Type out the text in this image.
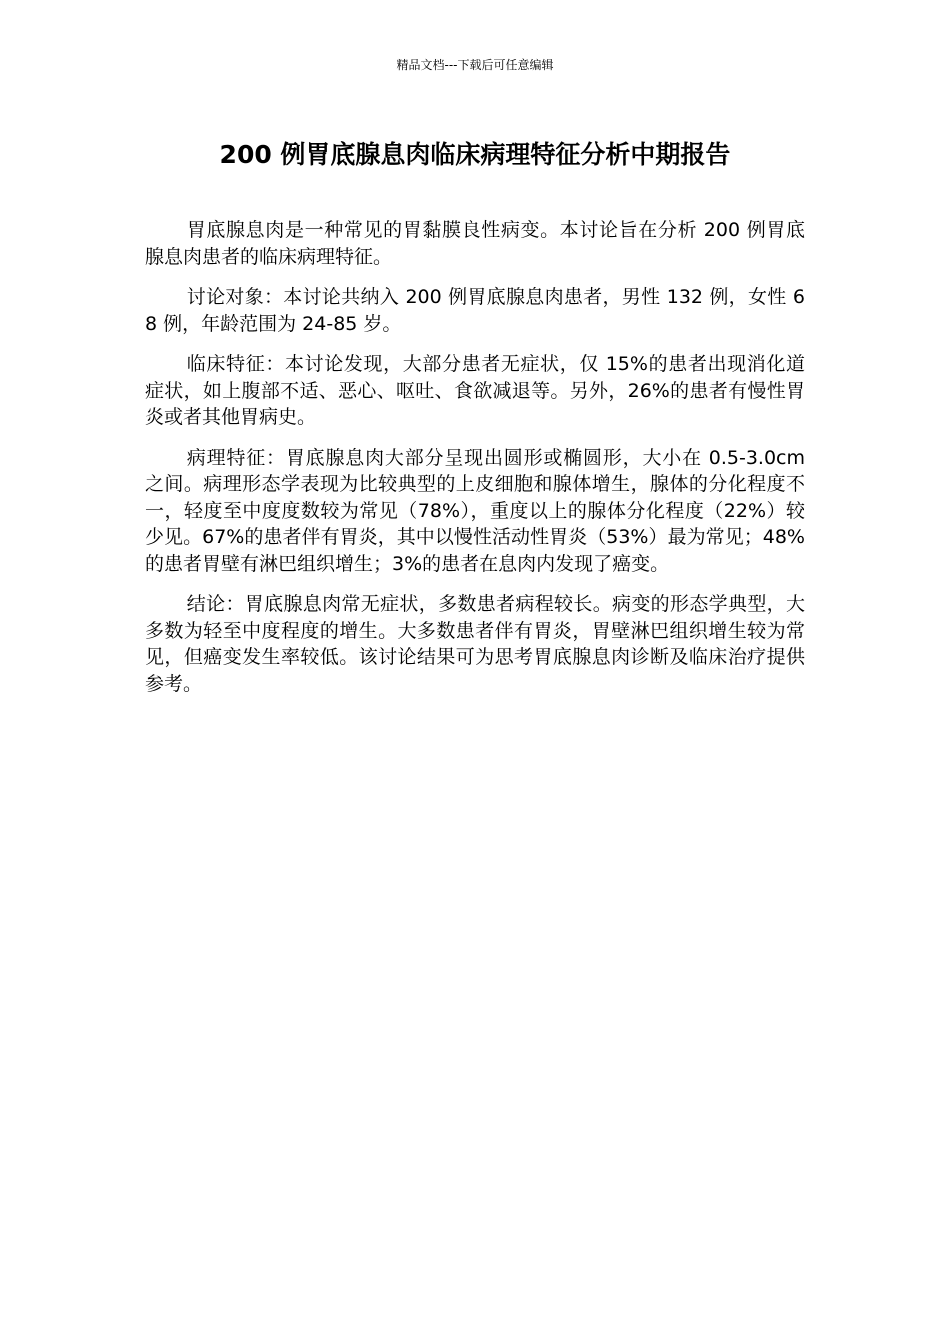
精品文档---下载后可任意编辑
200 例胃底腺息肉临床病理特征分析中期报告

胃底腺息肉是一种常见的胃黏膜良性病变。本讨论旨在分析 200 例胃底腺息肉患者的临床病理特征。

讨论对象：本讨论共纳入 200 例胃底腺息肉患者，男性 132 例，女性 68 例，年龄范围为 24-85 岁。

临床特征：本讨论发现，大部分患者无症状，仅 15%的患者出现消化道症状，如上腹部不适、恶心、呕吐、食欲减退等。另外，26%的患者有慢性胃炎或者其他胃病史。

病理特征：胃底腺息肉大部分呈现出圆形或椭圆形，大小在 0.5-3.0cm 之间。病理形态学表现为比较典型的上皮细胞和腺体增生，腺体的分化程度不一，轻度至中度度数较为常见（78%），重度以上的腺体分化程度（22%）较少见。67%的患者伴有胃炎，其中以慢性活动性胃炎（53%）最为常见；48%的患者胃壁有淋巴组织增生；3%的患者在息肉内发现了癌变。

结论：胃底腺息肉常无症状，多数患者病程较长。病变的形态学典型，大多数为轻至中度程度的增生。大多数患者伴有胃炎，胃壁淋巴组织增生较为常见，但癌变发生率较低。该讨论结果可为思考胃底腺息肉诊断及临床治疗提供参考。
